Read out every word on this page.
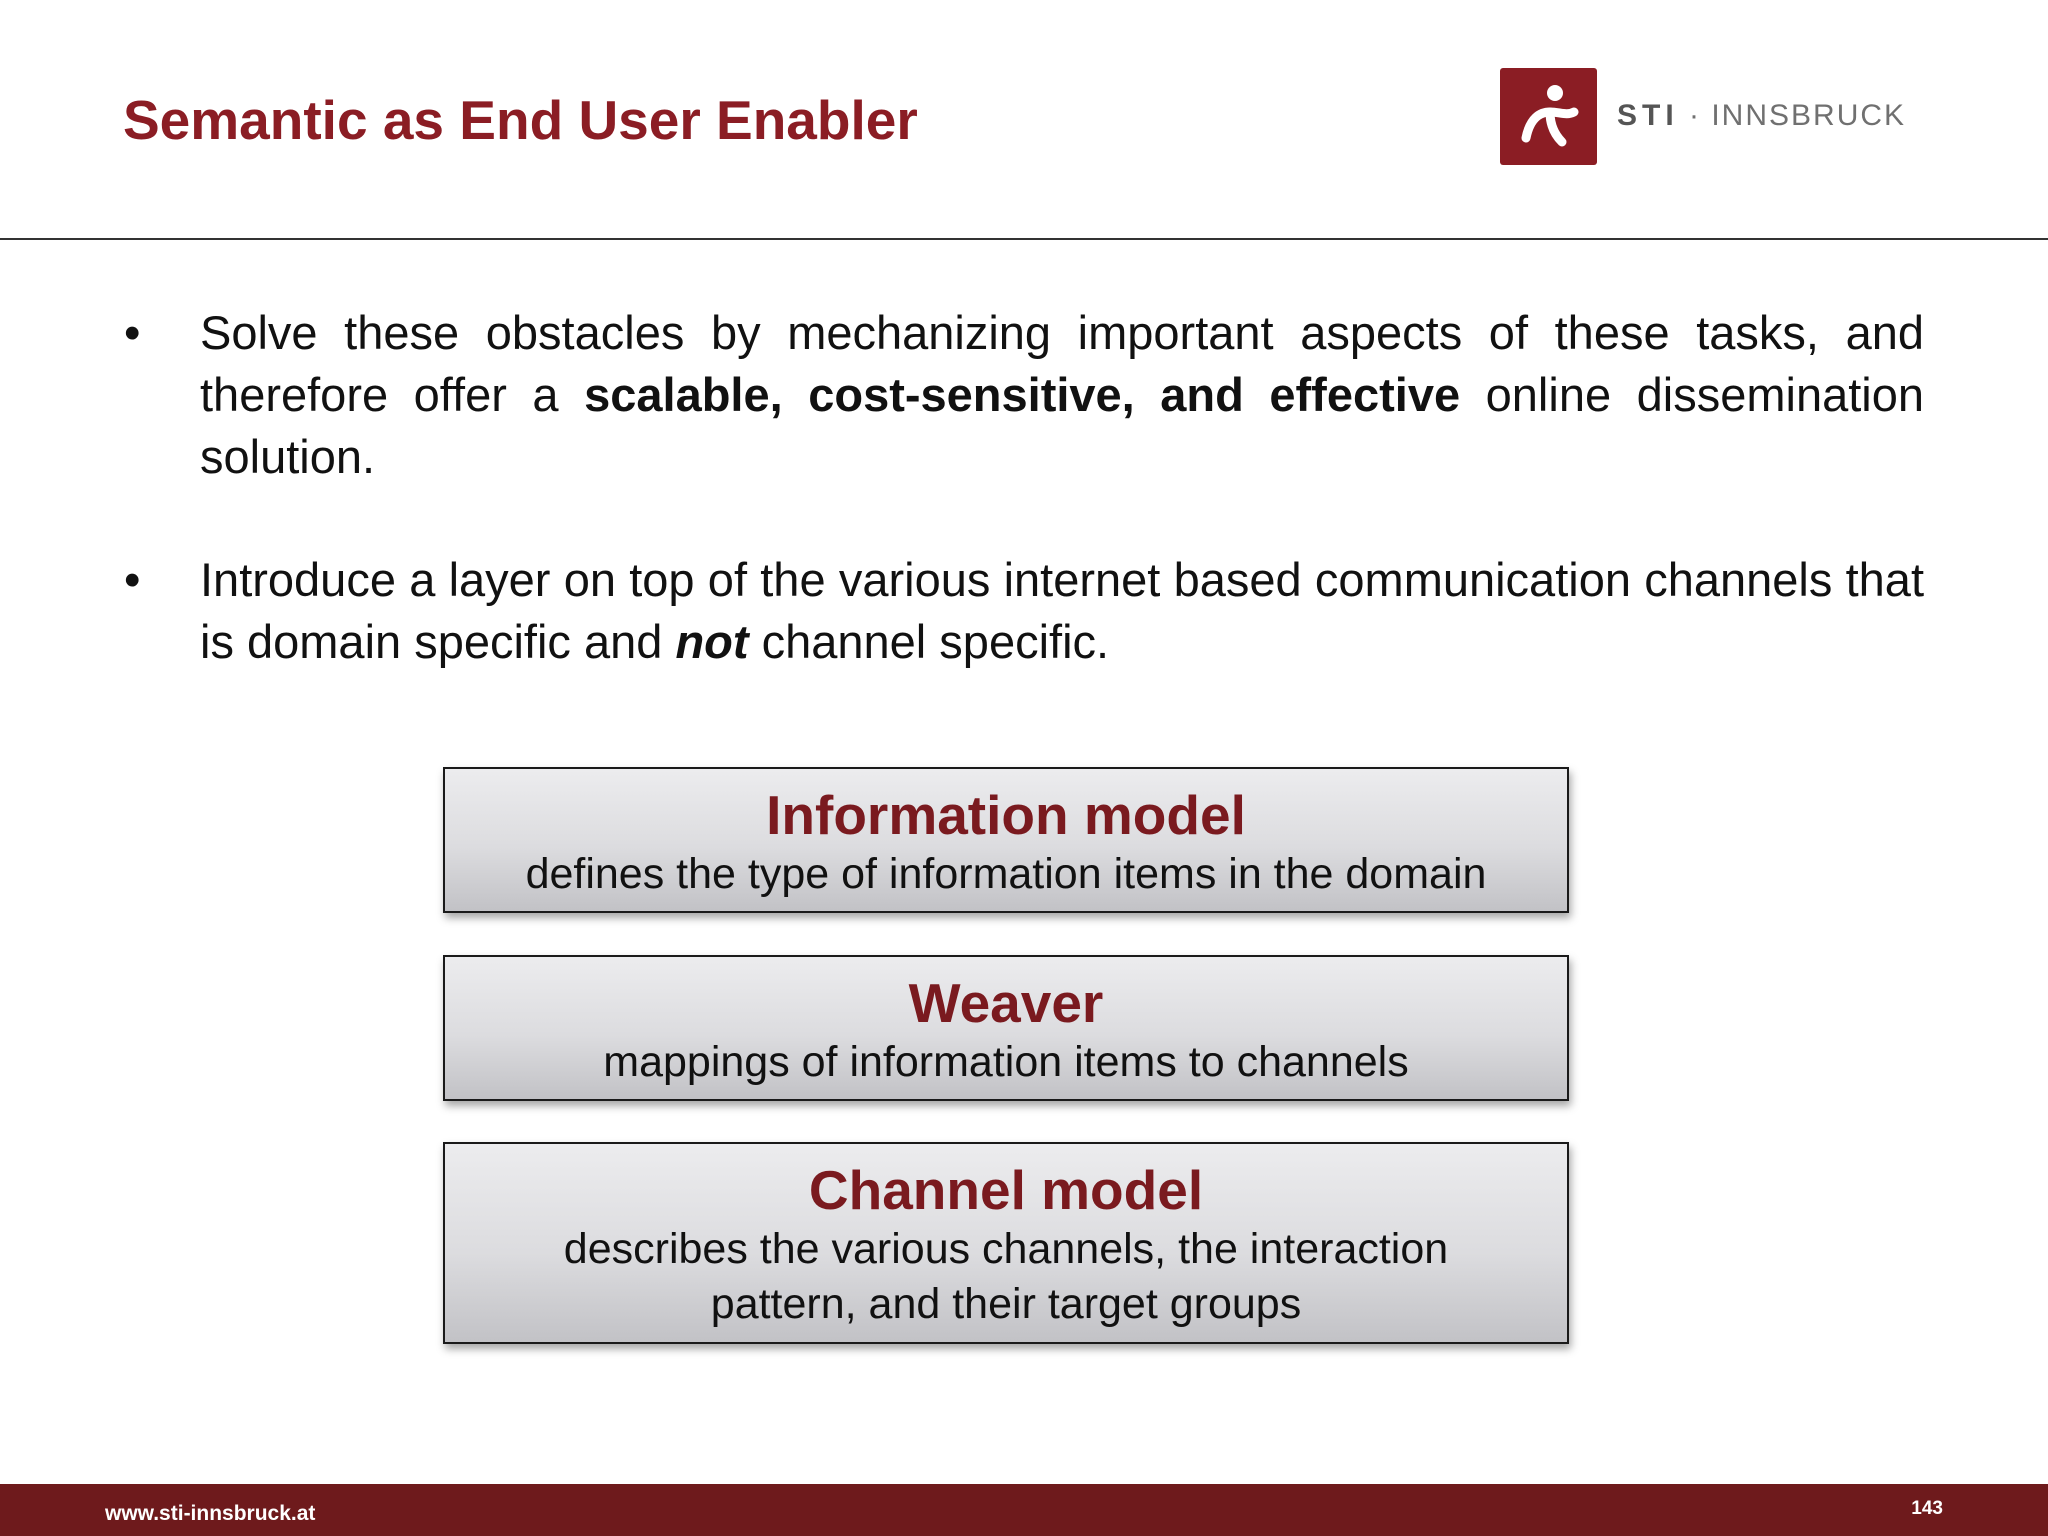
Semantic as End User Enabler	STI · INNSBRUCK
•	Solve these obstacles by mechanizing important aspects of these tasks, and therefore offer a scalable, cost-sensitive, and effective online dissemination solution.
•	Introduce a layer on top of the various internet based communication channels that is domain specific and not channel specific.
Information model
defines the type of information items in the domain
Weaver
mappings of information items to channels
Channel model
describes the various channels, the interaction pattern, and their target groups
www.sti-innsbruck.at	143
